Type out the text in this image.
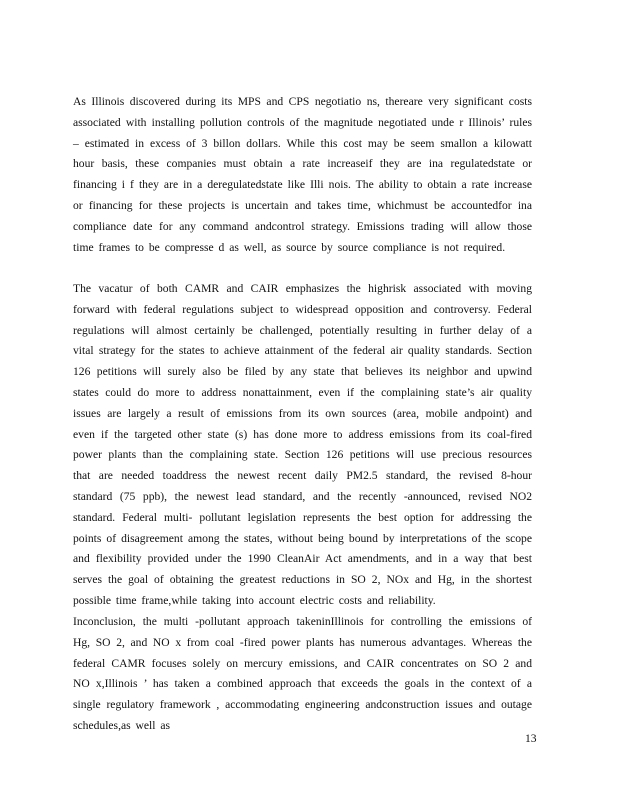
As Illinois discovered during its MPS and CPS negotiatio ns, thereare very significant costs associated with installing pollution controls of the magnitude negotiated unde r Illinois’ rules – estimated in excess of 3 billon dollars. While this cost may be seem smallon a kilowatt hour basis, these companies must obtain a rate increaseif they are ina regulatedstate or financing i f they are in a deregulatedstate like Illi nois. The ability to obtain a rate increase or financing for these projects is uncertain and takes time, whichmust be accountedfor ina compliance date for any command andcontrol strategy. Emissions trading will allow those time frames to be compresse d as well, as source by source compliance is not required.
The vacatur of both CAMR and CAIR emphasizes the highrisk associated with moving forward with federal regulations subject to widespread opposition and controversy. Federal regulations will almost certainly be challenged, potentially resulting in further delay of a vital strategy for the states to achieve attainment of the federal air quality standards. Section 126 petitions will surely also be filed by any state that believes its neighbor and upwind states could do more to address nonattainment, even if the complaining state’s air quality issues are largely a result of emissions from its own sources (area, mobile andpoint) and even if the targeted other state (s) has done more to address emissions from its coal-fired power plants than the complaining state. Section 126 petitions will use precious resources that are needed toaddress the newest recent daily PM2.5 standard, the revised 8-hour standard (75 ppb), the newest lead standard, and the recently -announced, revised NO2 standard. Federal multi- pollutant legislation represents the best option for addressing the points of disagreement among the states, without being bound by interpretations of the scope and flexibility provided under the 1990 CleanAir Act amendments, and in a way that best serves the goal of obtaining the greatest reductions in SO 2, NOx and Hg, in the shortest possible time frame,while taking into account electric costs and reliability.
Inconclusion, the multi -pollutant approach takeninIllinois for controlling the emissions of Hg, SO 2, and NO x from coal -fired power plants has numerous advantages. Whereas the federal CAMR focuses solely on mercury emissions, and CAIR concentrates on SO 2 and NO x,Illinois ’ has taken a combined approach that exceeds the goals in the context of a single regulatory framework , accommodating engineering andconstruction issues and outage schedules,as well as
13
